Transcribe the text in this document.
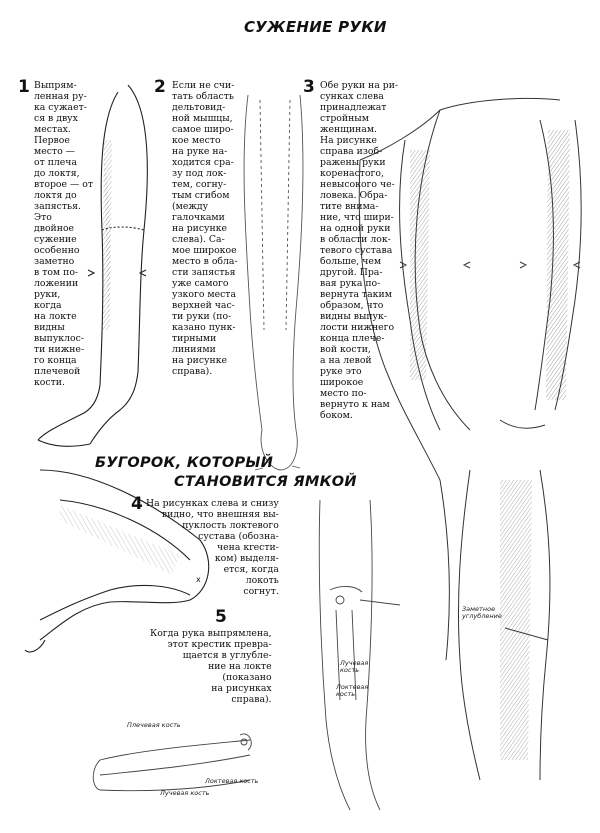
x
СУЖЕНИЕ РУКИ
1 Выпрям-
ленная ру-
ка сужает-
ся в двух
местах.
Первое
место —
от плеча
до локтя,
второе — от
локтя до
запястья.
Это
двойное
сужение
особенно
заметно
в том по-
ложении
руки,
когда
на локте
видны
выпуклос-
ти нижне-
го конца
плечевой
кости.
2 Если не счи-
тать область
дельтовид-
ной мышцы,
самое широ-
кое место
на руке на-
ходится сра-
зу под лок-
тем, согну-
тым сгибом
(между
галочками
на рисунке
слева). Са-
мое широкое
место в обла-
сти запястья
уже самого
узкого места
верхней час-
ти руки (по-
казано пунк-
тирными
линиями
на рисунке
справа).
3 Обе руки на ри-
сунках слева
принадлежат
стройным
женщинам.
На рисунке
справа изоб-
ражены руки
коренастого,
невысокого че-
ловека. Обра-
тите внима-
ние, что шири-
на одной руки
в области лок-
тевого сустава
больше, чем
другой. Пра-
вая рука по-
вернута таким
образом, что
видны выпук-
лости нижнего
конца плече-
вой кости,
а на левой
руке это
широкое
место по-
вернуто к нам
боком.
БУГОРОК, КОТОРЫЙ
СТАНОВИТСЯ ЯМКОЙ
4 На рисунках слева и снизу
видно, что внешняя вы-
пуклость локтевого
сустава (обозна-
чена кrести-
ком) выделя-
ется, когда
локоть
согнут.
5
Когда рука выпрямлена,
этот крестик превра-
щается в углубле-
ние на локте
(показано
на рисунках
справа).
Плечевая кость
Лучевая кость
Локтевая кость
Лучевая
кость
Локтевая
кость
Заметное
углубление
